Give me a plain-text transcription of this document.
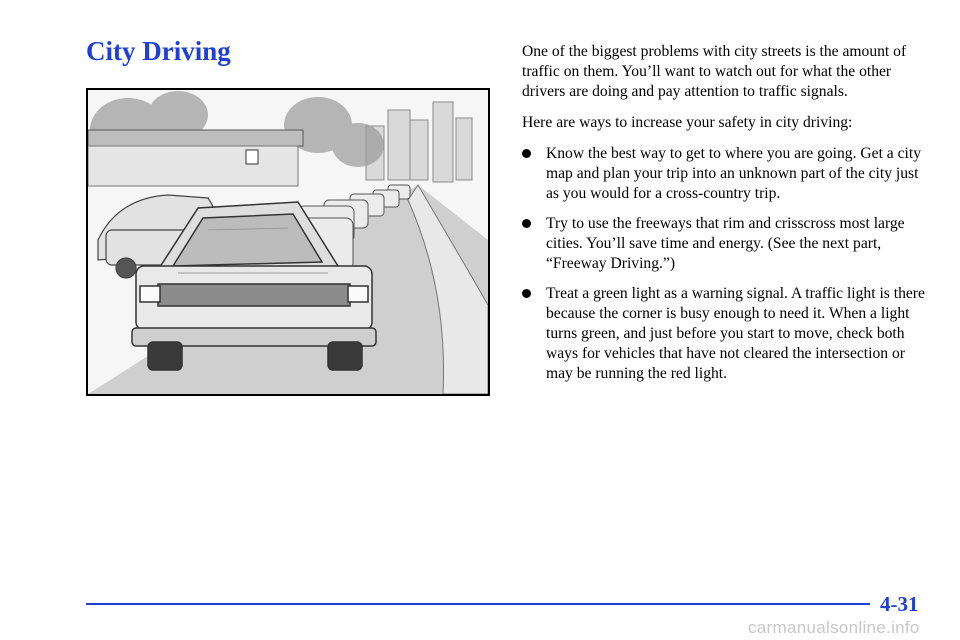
City Driving	One of the biggest problems with city streets is the amount of traffic on them. You’ll want to watch out for what the other drivers are doing and pay attention to traffic signals.

Here are ways to increase your safety in city driving:

Know the best way to get to where you are going. Get a city map and plan your trip into an unknown part of the city just as you would for a cross-country trip.
Try to use the freeways that rim and crisscross most large cities. You’ll save time and energy. (See the next part, “Freeway Driving.”)
Treat a green light as a warning signal. A traffic light is there because the corner is busy enough to need it. When a light turns green, and just before you start to move, check both ways for vehicles that have not cleared the intersection or may be running the red light.
4-31
carmanualsonline.info
